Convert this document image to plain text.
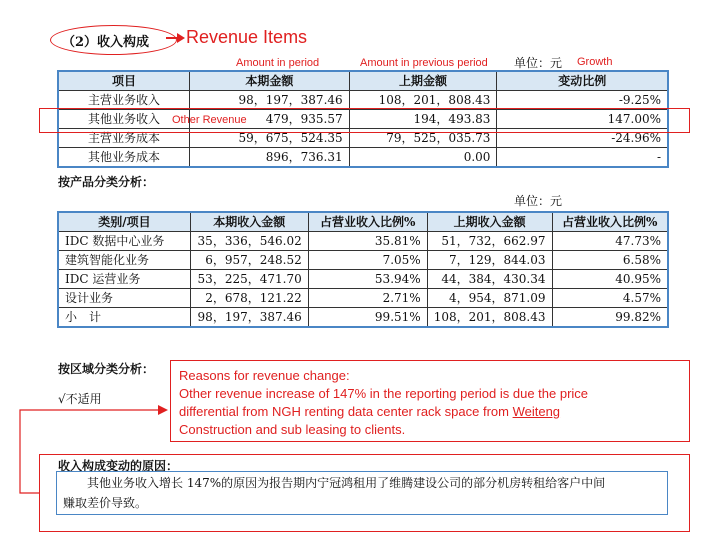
（2）收入构成 Revenue Items
Amount in period	Amount in previous period 单位：元 Growth
项目	本期金额	上期金额	变动比例
主营业务收入	98，197，387.46	108，201，808.43	-9.25%
其他业务收入	479，935.57	194，493.83	147.00%
主营业务成本	59，675，524.35	79，525，035.73	-24.96%
其他业务成本	896，736.31	0.00	-
Other Revenue
按产品分类分析：
单位：元
类别/项目	本期收入金额	占营业收入比例%	上期收入金额	占营业收入比例%
IDC 数据中心业务	35，336，546.02	35.81%	51，732，662.97	47.73%
建筑智能化业务	6，957，248.52	7.05%	7，129，844.03	6.58%
IDC 运营业务	53，225，471.70	53.94%	44，384，430.34	40.95%
设计业务	2，678，121.22	2.71%	4，954，871.09	4.57%
小　计	98，197，387.46	99.51%	108，201，808.43	99.82%
按区域分类分析：
√不适用
Reasons for revenue change:
Other revenue increase of 147% in the reporting period is due the price
differential from NGH renting data center rack space from Weiteng
Construction and sub leasing to clients.
收入构成变动的原因：
　　其他业务收入增长 147%的原因为报告期内宁冠鸿租用了维腾建设公司的部分机房转租给客户中间
赚取差价导致。
